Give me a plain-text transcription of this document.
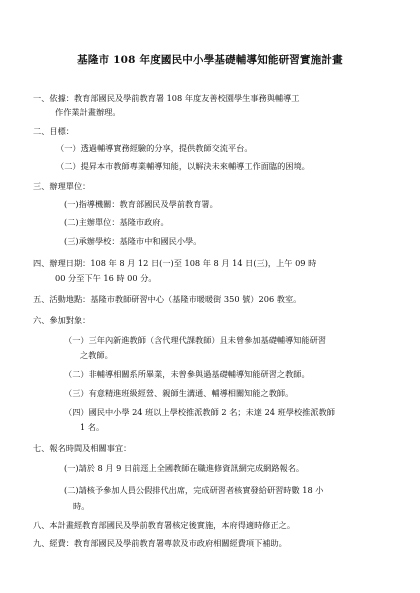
基隆市 108 年度國民中小學基礎輔導知能研習實施計畫
一、依據：教育部國民及學前教育署 108 年度友善校園學生事務與輔導工
作作業計畫辦理。
二、目標：
（一）透過輔導實務經驗的分享，提供教師交流平台。
（二）提昇本市教師專業輔導知能，以解決未來輔導工作面臨的困境。
三、辦理單位：
(一)指導機關：教育部國民及學前教育署。
(二)主辦單位：基隆市政府。
(三)承辦學校：基隆市中和國民小學。
四、辦理日期：108 年 8 月 12 日(一)至 108 年 8 月 14 日(三)，上午 09 時
00 分至下午 16 時 00 分。
五、活動地點：基隆市教師研習中心（基隆市暖暖街 350 號）206 教室。
六、參加對象：
（一）三年內新進教師（含代理代課教師）且未曾參加基礎輔導知能研習
之教師。
（二）非輔導相關系所畢業，未曾參與過基礎輔導知能研習之教師。
（三）有意精進班級經營、親師生溝通、輔導相關知能之教師。
（四）國民中小學 24 班以上學校推派教師 2 名；未達 24 班學校推派教師
1 名。
七、報名時間及相關事宜：
(一)請於 8 月 9 日前逕上全國教師在職進修資訊網完成網路報名。
(二)請核予參加人員公假排代出席，完成研習者核實發給研習時數 18 小
時。
八、本計畫經教育部國民及學前教育署核定後實施，本府得適時修正之。
九、經費：教育部國民及學前教育署專款及市政府相關經費項下補助。
